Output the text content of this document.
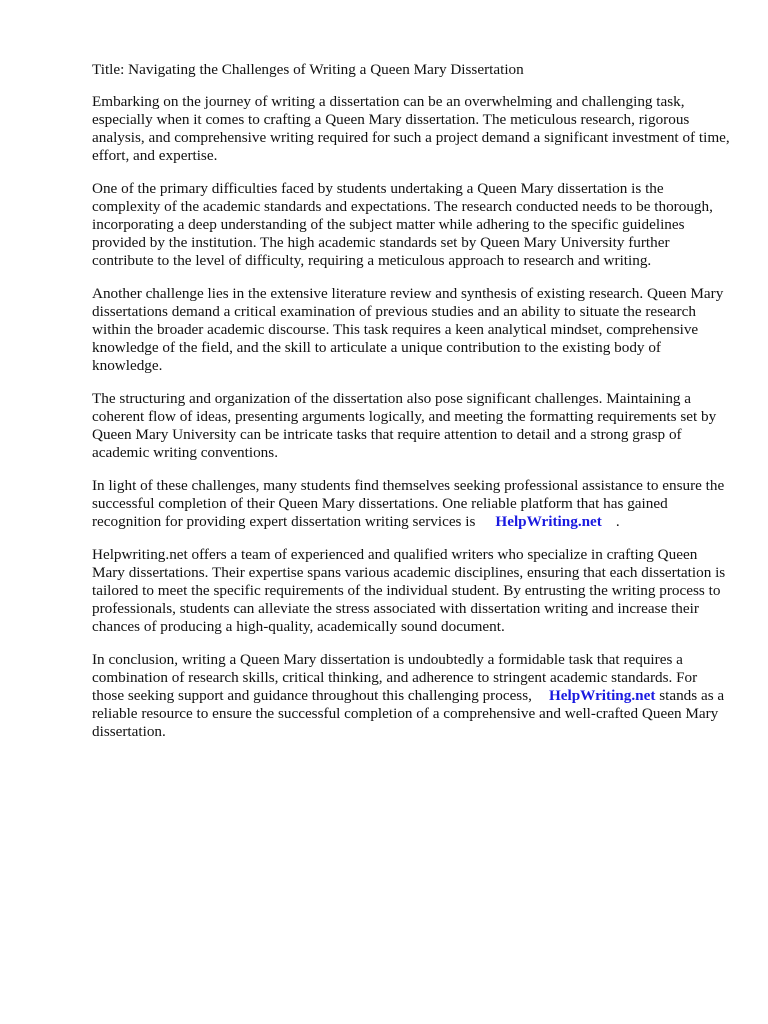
Title: Navigating the Challenges of Writing a Queen Mary Dissertation

Embarking on the journey of writing a dissertation can be an overwhelming and challenging task, especially when it comes to crafting a Queen Mary dissertation. The meticulous research, rigorous analysis, and comprehensive writing required for such a project demand a significant investment of time, effort, and expertise.

One of the primary difficulties faced by students undertaking a Queen Mary dissertation is the complexity of the academic standards and expectations. The research conducted needs to be thorough, incorporating a deep understanding of the subject matter while adhering to the specific guidelines provided by the institution. The high academic standards set by Queen Mary University further contribute to the level of difficulty, requiring a meticulous approach to research and writing.

Another challenge lies in the extensive literature review and synthesis of existing research. Queen Mary dissertations demand a critical examination of previous studies and an ability to situate the research within the broader academic discourse. This task requires a keen analytical mindset, comprehensive knowledge of the field, and the skill to articulate a unique contribution to the existing body of knowledge.

The structuring and organization of the dissertation also pose significant challenges. Maintaining a coherent flow of ideas, presenting arguments logically, and meeting the formatting requirements set by Queen Mary University can be intricate tasks that require attention to detail and a strong grasp of academic writing conventions.

In light of these challenges, many students find themselves seeking professional assistance to ensure the successful completion of their Queen Mary dissertations. One reliable platform that has gained recognition for providing expert dissertation writing services is HelpWriting.net .

Helpwriting.net offers a team of experienced and qualified writers who specialize in crafting Queen Mary dissertations. Their expertise spans various academic disciplines, ensuring that each dissertation is tailored to meet the specific requirements of the individual student. By entrusting the writing process to professionals, students can alleviate the stress associated with dissertation writing and increase their chances of producing a high-quality, academically sound document.

In conclusion, writing a Queen Mary dissertation is undoubtedly a formidable task that requires a combination of research skills, critical thinking, and adherence to stringent academic standards. For those seeking support and guidance throughout this challenging process, HelpWriting.net stands as a reliable resource to ensure the successful completion of a comprehensive and well-crafted Queen Mary dissertation.
